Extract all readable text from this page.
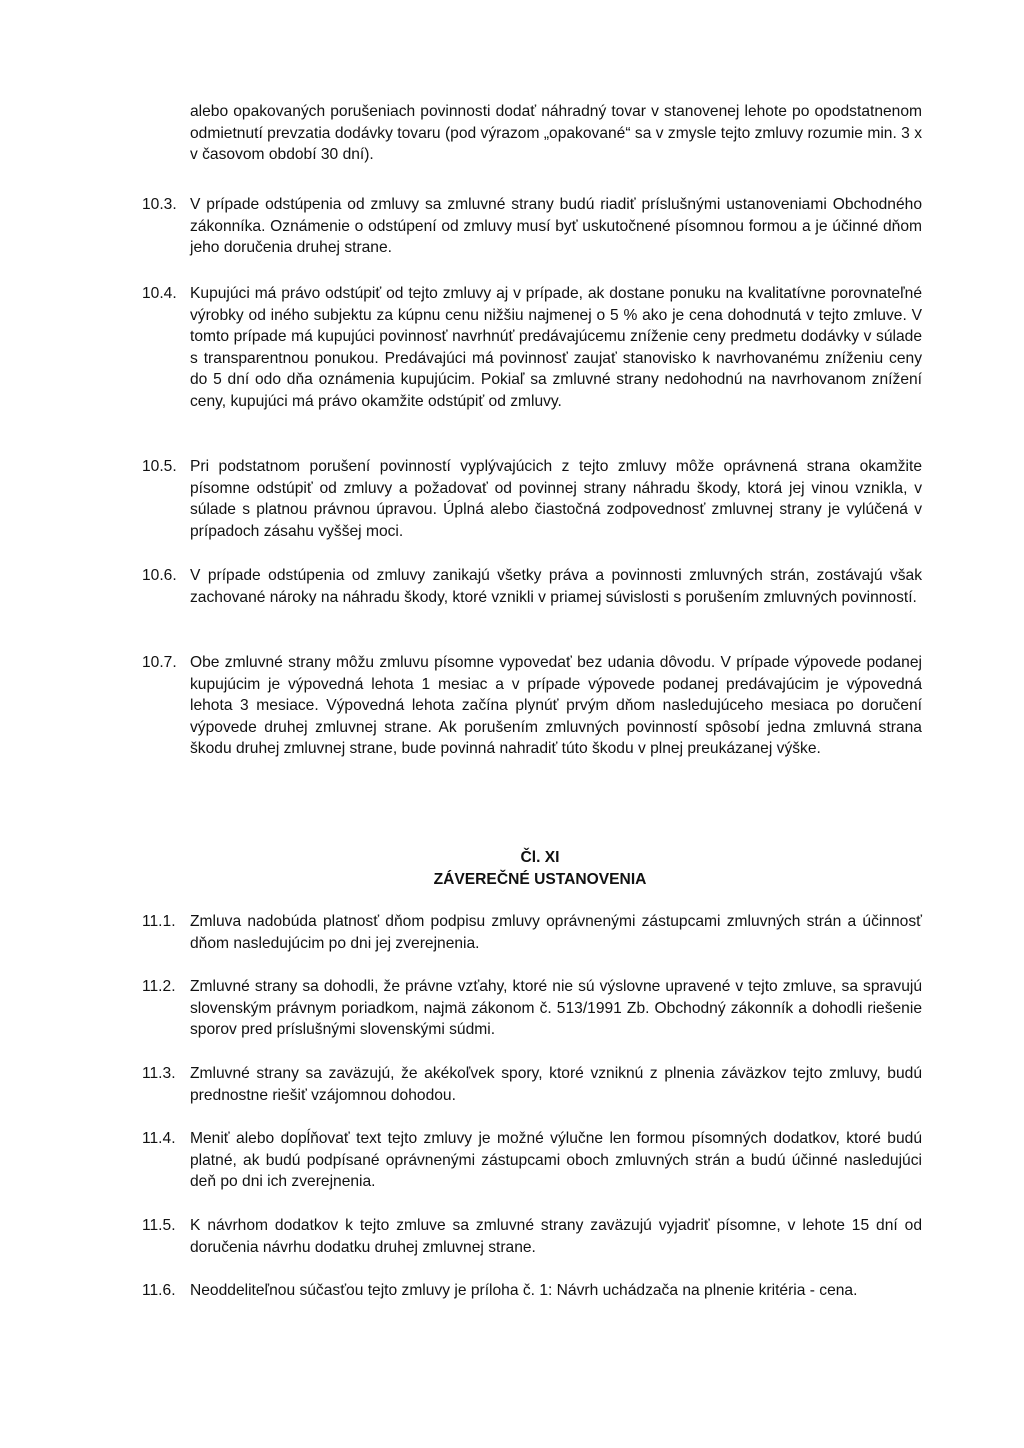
alebo opakovaných porušeniach povinnosti dodať náhradný tovar v stanovenej lehote po opodstatnenom odmietnutí prevzatia dodávky tovaru (pod výrazom „opakované“ sa v zmysle tejto zmluvy rozumie min. 3 x v časovom období 30 dní).
10.3. V prípade odstúpenia od zmluvy sa zmluvné strany budú riadiť príslušnými ustanoveniami Obchodného zákonníka. Oznámenie o odstúpení od zmluvy musí byť uskutočnené písomnou formou a je účinné dňom jeho doručenia druhej strane.
10.4. Kupujúci má právo odstúpiť od tejto zmluvy aj v prípade, ak dostane ponuku na kvalitatívne porovnateľné výrobky od iného subjektu za kúpnu cenu nižšiu najmenej o 5 % ako je cena dohodnutá v tejto zmluve. V tomto prípade má kupujúci povinnosť navrhnúť predávajúcemu zníženie ceny predmetu dodávky v súlade s transparentnou ponukou. Predávajúci má povinnosť zaujať stanovisko k navrhovanému zníženiu ceny do 5 dní odo dňa oznámenia kupujúcim. Pokiaľ sa zmluvné strany nedohodnú na navrhovanom znížení ceny, kupujúci má právo okamžite odstúpiť od zmluvy.
10.5. Pri podstatnom porušení povinností vyplývajúcich z tejto zmluvy môže oprávnená strana okamžite písomne odstúpiť od zmluvy a požadovať od povinnej strany náhradu škody, ktorá jej vinou vznikla, v súlade s platnou právnou úpravou. Úplná alebo čiastočná zodpovednosť zmluvnej strany je vylúčená v prípadoch zásahu vyššej moci.
10.6. V prípade odstúpenia od zmluvy zanikajú všetky práva a povinnosti zmluvných strán, zostávajú však zachované nároky na náhradu škody, ktoré vznikli v priamej súvislosti s porušením zmluvných povinností.
10.7. Obe zmluvné strany môžu zmluvu písomne vypovedať bez udania dôvodu. V prípade výpovede podanej kupujúcim je výpovedná lehota 1 mesiac a v prípade výpovede podanej predávajúcim je výpovedná lehota 3 mesiace. Výpovedná lehota začína plynúť prvým dňom nasledujúceho mesiaca po doručení výpovede druhej zmluvnej strane. Ak porušením zmluvných povinností spôsobí jedna zmluvná strana škodu druhej zmluvnej strane, bude povinná nahradiť túto škodu v plnej preukázanej výške.
Čl. XI
ZÁVEREČNÉ USTANOVENIA
11.1. Zmluva nadobúda platnosť dňom podpisu zmluvy oprávnenými zástupcami zmluvných strán a účinnosť dňom nasledujúcim po dni jej zverejnenia.
11.2. Zmluvné strany sa dohodli, že právne vzťahy, ktoré nie sú výslovne upravené v tejto zmluve, sa spravujú slovenským právnym poriadkom, najmä zákonom č. 513/1991 Zb. Obchodný zákonník a dohodli riešenie sporov pred príslušnými slovenskými súdmi.
11.3. Zmluvné strany sa zaväzujú, že akékoľvek spory, ktoré vzniknú z plnenia záväzkov tejto zmluvy, budú prednostne riešiť vzájomnou dohodou.
11.4. Meniť alebo dopĺňovať text tejto zmluvy je možné výlučne len formou písomných dodatkov, ktoré budú platné, ak budú podpísané oprávnenými zástupcami oboch zmluvných strán a budú účinné nasledujúci deň po dni ich zverejnenia.
11.5. K návrhom dodatkov k tejto zmluve sa zmluvné strany zaväzujú vyjadriť písomne, v lehote 15 dní od doručenia návrhu dodatku druhej zmluvnej strane.
11.6. Neoddeliteľnou súčasťou tejto zmluvy je príloha č. 1: Návrh uchádzača na plnenie kritéria - cena.
